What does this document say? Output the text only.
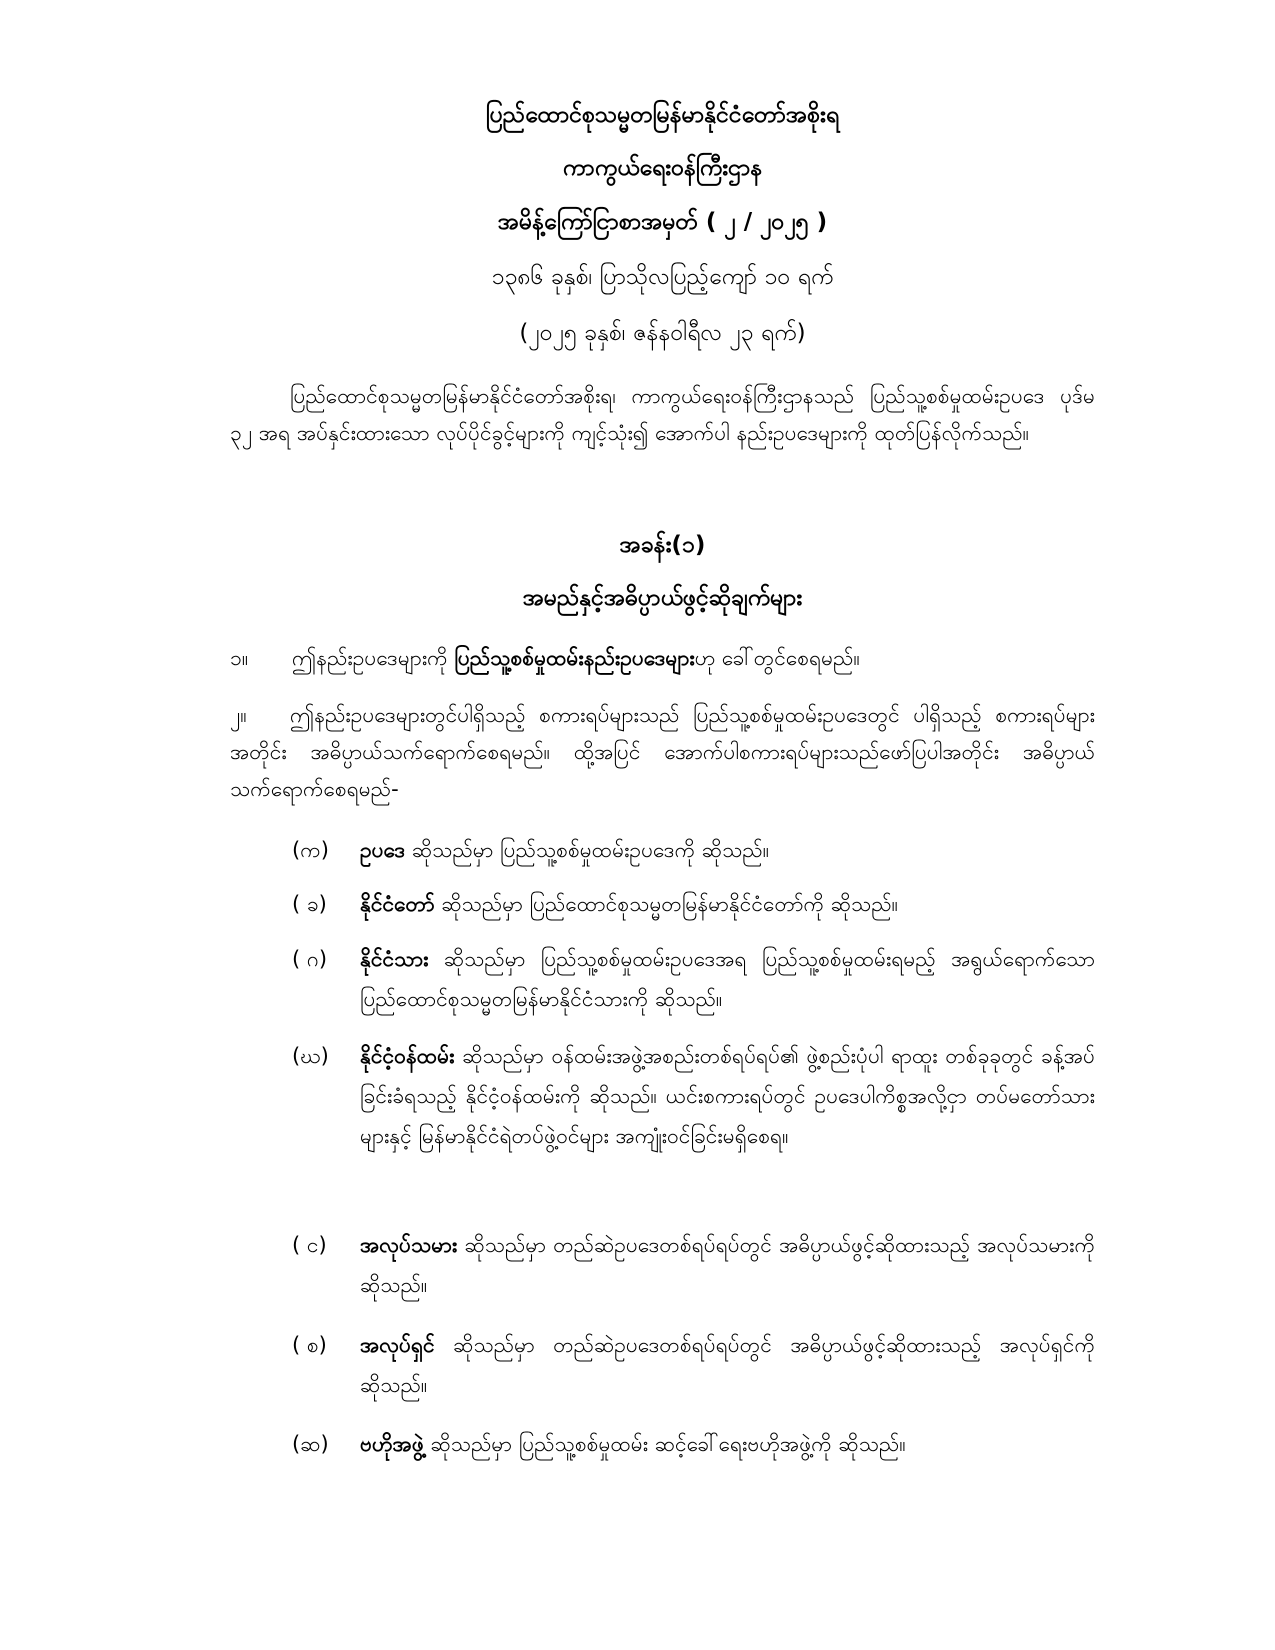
ပြည်ထောင်စုသမ္မတမြန်မာနိုင်ငံတော်အစိုးရ
ကာကွယ်ရေးဝန်ကြီးဌာန
အမိန့်ကြော်ငြာစာအမှတ် ( ၂ / ၂၀၂၅ )
၁၃၈၆ ခုနှစ်၊ ပြာသိုလပြည့်ကျော် ၁၀ ရက်
(၂၀၂၅ ခုနှစ်၊ ဇန်နဝါရီလ ၂၃ ရက်)
ပြည်ထောင်စုသမ္မတမြန်မာနိုင်ငံတော်အစိုးရ၊ ကာကွယ်ရေးဝန်ကြီးဌာနသည် ပြည်သူ့စစ်မှုထမ်းဥပဒေ ပုဒ်မ ၃၂ အရ အပ်နှင်းထားသော လုပ်ပိုင်ခွင့်များကို ကျင့်သုံး၍ အောက်ပါ နည်းဥပဒေများကို ထုတ်ပြန်လိုက်သည်။
အခန်း(၁)
အမည်နှင့်အဓိပ္ပာယ်ဖွင့်ဆိုချက်များ
၁။ ဤနည်းဥပဒေများကို ပြည်သူ့စစ်မှုထမ်းနည်းဥပဒေများဟု ခေါ်တွင်စေရမည်။
၂။	ဤနည်းဥပဒေများတွင်ပါရှိသည့် စကားရပ်များသည် ပြည်သူ့စစ်မှုထမ်းဥပဒေတွင် ပါရှိသည့် စကားရပ်များအတိုင်း အဓိပ္ပာယ်သက်ရောက်စေရမည်။ ထို့အပြင် အောက်ပါစကားရပ်များသည်ဖော်ပြပါအတိုင်း အဓိပ္ပာယ် သက်ရောက်စေရမည်-
(က)	ဥပဒေ ဆိုသည်မှာ ပြည်သူ့စစ်မှုထမ်းဥပဒေကို ဆိုသည်။
( ခ)	နိုင်ငံတော် ဆိုသည်မှာ ပြည်ထောင်စုသမ္မတမြန်မာနိုင်ငံတော်ကို ဆိုသည်။
( ဂ)	နိုင်ငံသား ဆိုသည်မှာ ပြည်သူ့စစ်မှုထမ်းဥပဒေအရ ပြည်သူ့စစ်မှုထမ်းရမည့် အရွယ်ရောက်သော ပြည်ထောင်စုသမ္မတမြန်မာနိုင်ငံသားကို ဆိုသည်။
(ဃ)	နိုင်ငံ့ဝန်ထမ်း ဆိုသည်မှာ ဝန်ထမ်းအဖွဲ့အစည်းတစ်ရပ်ရပ်၏ ဖွဲ့စည်းပုံပါ ရာထူး တစ်ခုခုတွင် ခန့်အပ်ခြင်းခံရသည့် နိုင်ငံ့ဝန်ထမ်းကို ဆိုသည်။ ယင်းစကားရပ်တွင် ဥပဒေပါကိစ္စအလို့ငှာ တပ်မတော်သားများနှင့် မြန်မာနိုင်ငံရဲတပ်ဖွဲ့ဝင်များ အကျုံးဝင်ခြင်းမရှိစေရ။
( င)	အလုပ်သမား ဆိုသည်မှာ တည်ဆဲဥပဒေတစ်ရပ်ရပ်တွင် အဓိပ္ပာယ်ဖွင့်ဆိုထားသည့် အလုပ်သမားကို ဆိုသည်။
( စ)	အလုပ်ရှင် ဆိုသည်မှာ တည်ဆဲဥပဒေတစ်ရပ်ရပ်တွင် အဓိပ္ပာယ်ဖွင့်ဆိုထားသည့် အလုပ်ရှင်ကို ဆိုသည်။
(ဆ)	ဗဟိုအဖွဲ့ ဆိုသည်မှာ ပြည်သူ့စစ်မှုထမ်း ဆင့်ခေါ်ရေးဗဟိုအဖွဲ့ကို ဆိုသည်။
